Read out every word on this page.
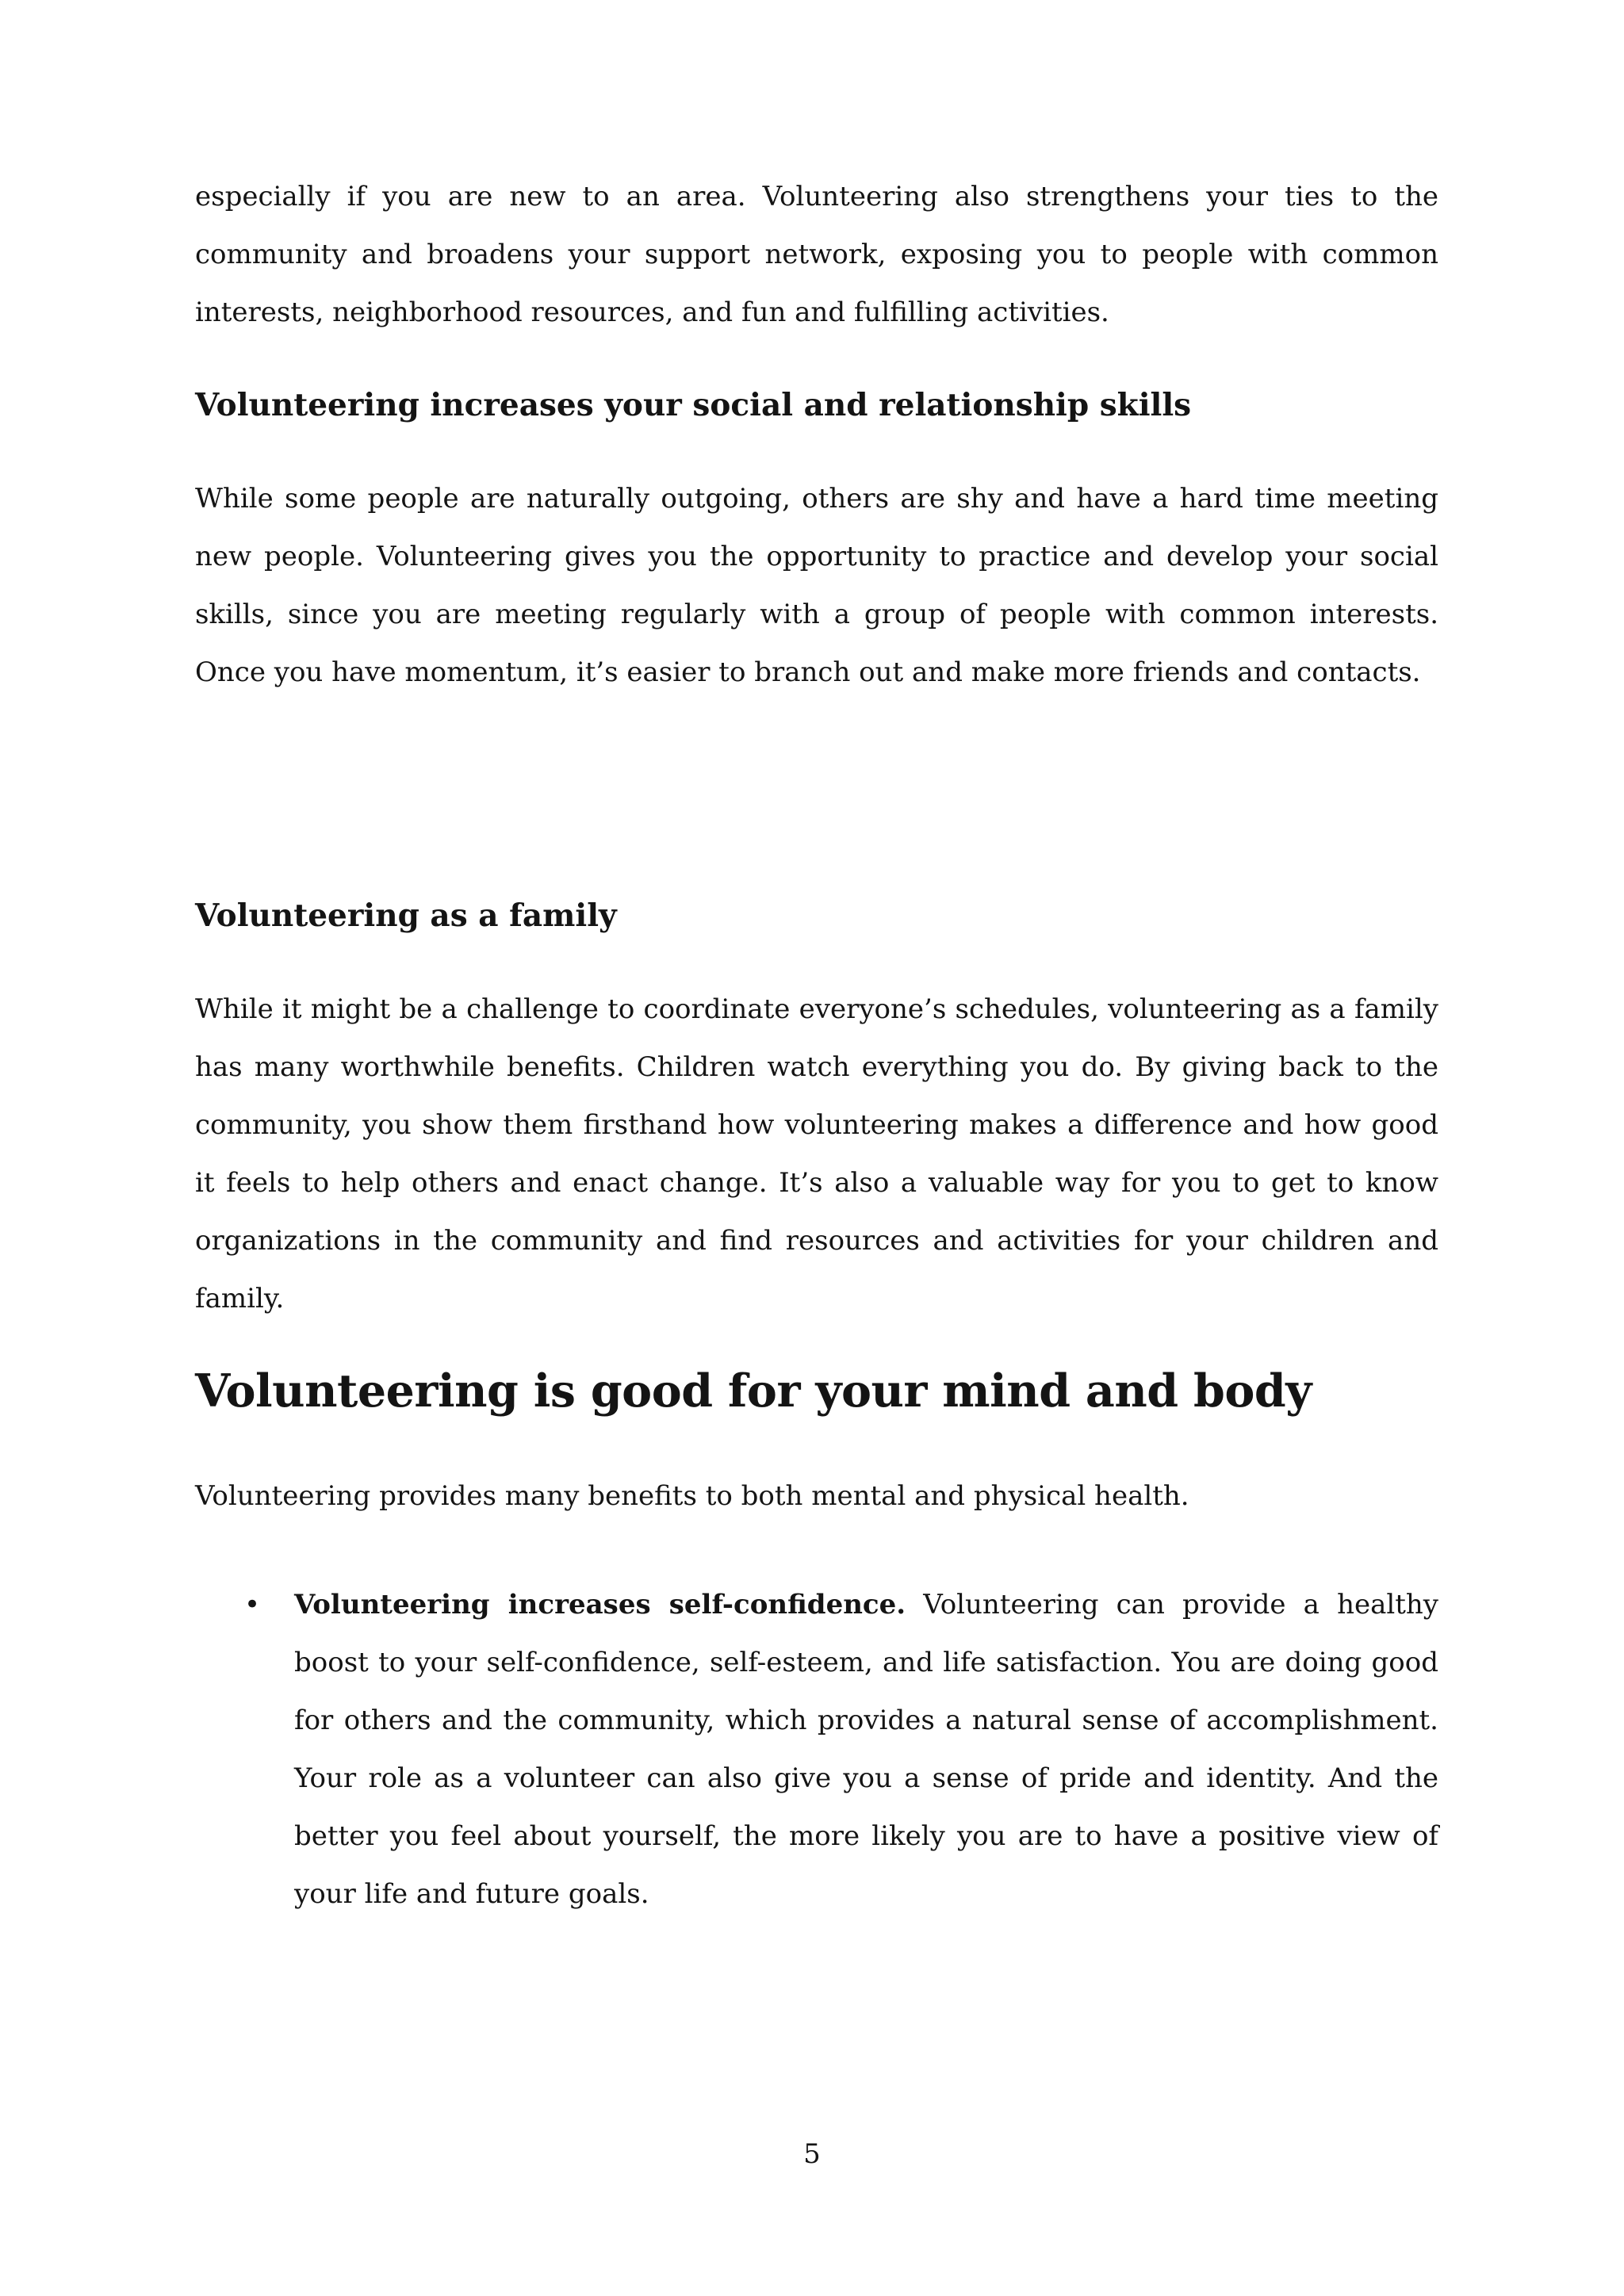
especially if you are new to an area. Volunteering also strengthens your ties to the community and broadens your support network, exposing you to people with common interests, neighborhood resources, and fun and fulfilling activities.

Volunteering increases your social and relationship skills

While some people are naturally outgoing, others are shy and have a hard time meeting new people. Volunteering gives you the opportunity to practice and develop your social skills, since you are meeting regularly with a group of people with common interests. Once you have momentum, it’s easier to branch out and make more friends and contacts.

Volunteering as a family

While it might be a challenge to coordinate everyone’s schedules, volunteering as a family has many worthwhile benefits. Children watch everything you do. By giving back to the community, you show them firsthand how volunteering makes a difference and how good it feels to help others and enact change. It’s also a valuable way for you to get to know organizations in the community and find resources and activities for your children and family.

Volunteering is good for your mind and body

Volunteering provides many benefits to both mental and physical health.

• Volunteering increases self-confidence. Volunteering can provide a healthy boost to your self-confidence, self-esteem, and life satisfaction. You are doing good for others and the community, which provides a natural sense of accomplishment. Your role as a volunteer can also give you a sense of pride and identity. And the better you feel about yourself, the more likely you are to have a positive view of your life and future goals.
5
